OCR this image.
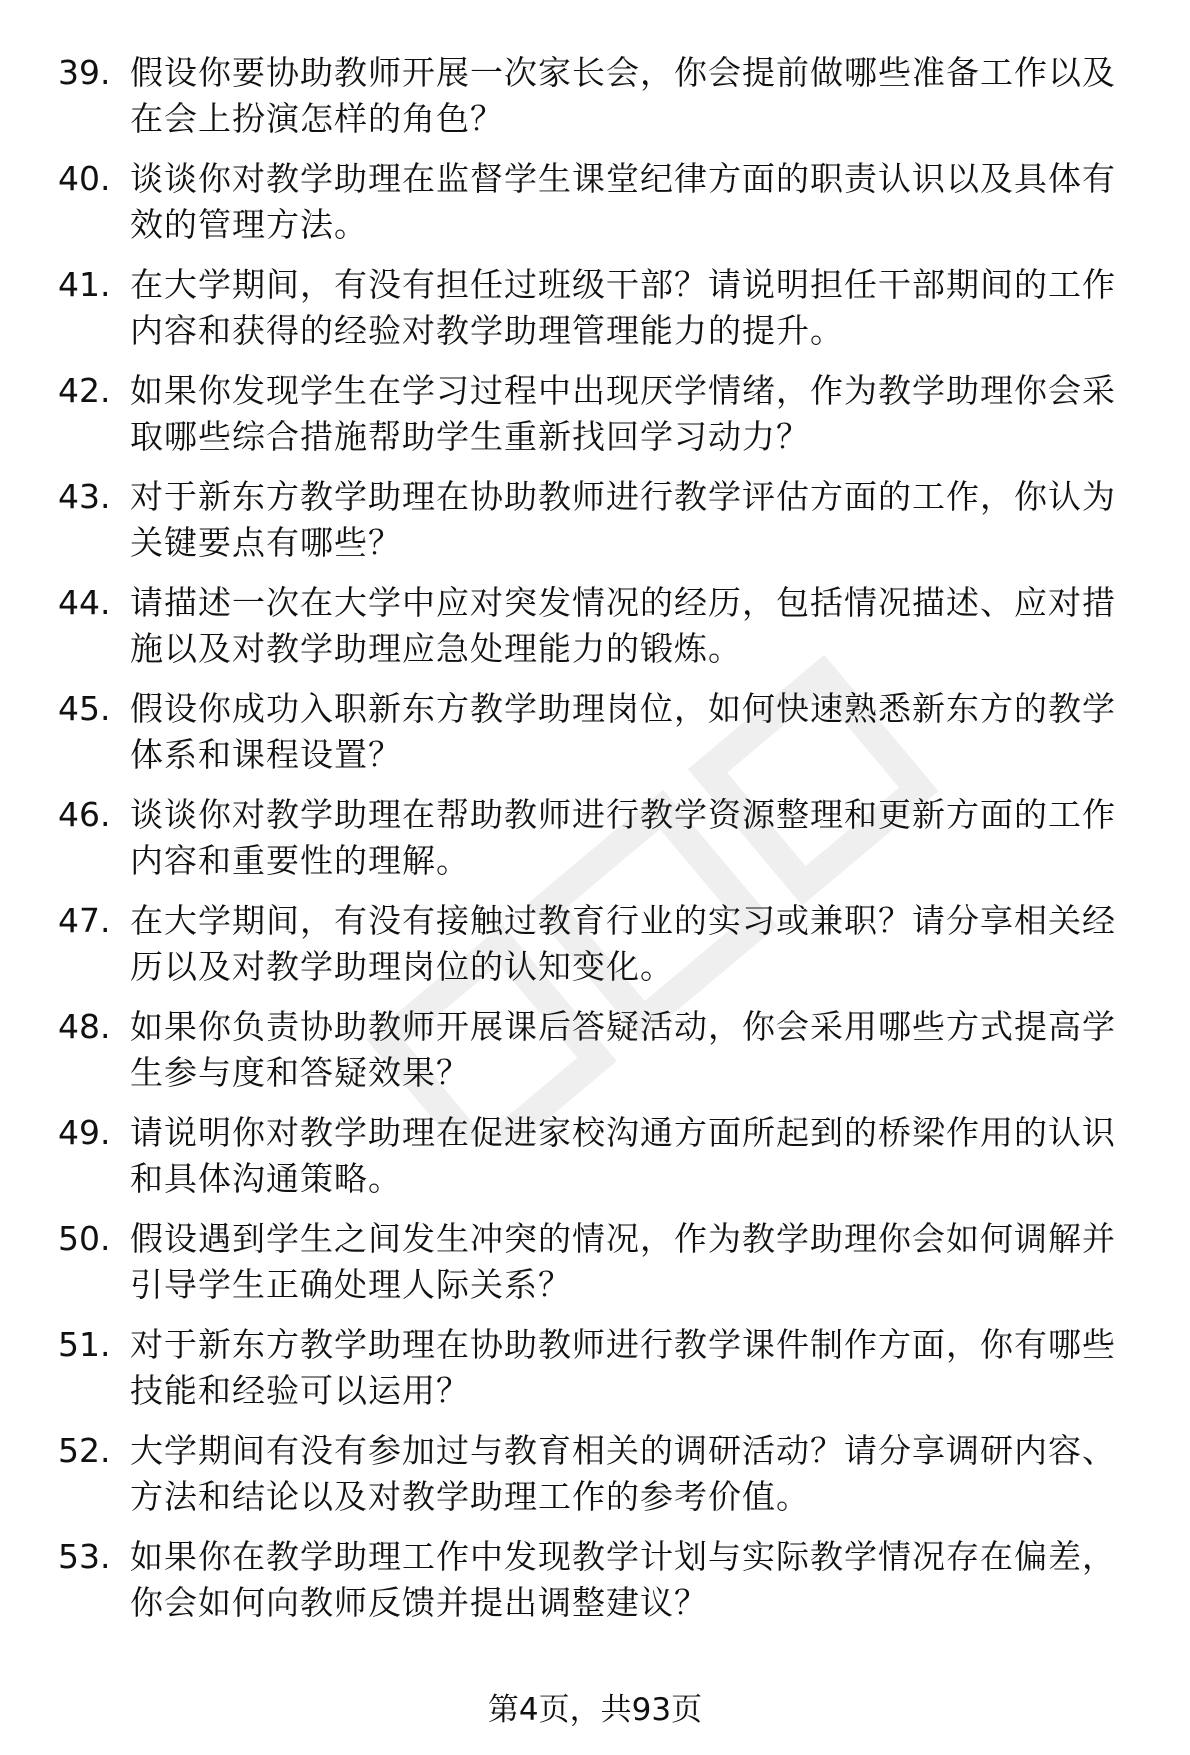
39. 假设你要协助教师开展一次家长会，你会提前做哪些准备工作以及在会上扮演怎样的角色？
40. 谈谈你对教学助理在监督学生课堂纪律方面的职责认识以及具体有效的管理方法。
41. 在大学期间，有没有担任过班级干部？请说明担任干部期间的工作内容和获得的经验对教学助理管理能力的提升。
42. 如果你发现学生在学习过程中出现厌学情绪，作为教学助理你会采取哪些综合措施帮助学生重新找回学习动力？
43. 对于新东方教学助理在协助教师进行教学评估方面的工作，你认为关键要点有哪些？
44. 请描述一次在大学中应对突发情况的经历，包括情况描述、应对措施以及对教学助理应急处理能力的锻炼。
45. 假设你成功入职新东方教学助理岗位，如何快速熟悉新东方的教学体系和课程设置？
46. 谈谈你对教学助理在帮助教师进行教学资源整理和更新方面的工作内容和重要性的理解。
47. 在大学期间，有没有接触过教育行业的实习或兼职？请分享相关经历以及对教学助理岗位的认知变化。
48. 如果你负责协助教师开展课后答疑活动，你会采用哪些方式提高学生参与度和答疑效果？
49. 请说明你对教学助理在促进家校沟通方面所起到的桥梁作用的认识和具体沟通策略。
50. 假设遇到学生之间发生冲突的情况，作为教学助理你会如何调解并引导学生正确处理人际关系？
51. 对于新东方教学助理在协助教师进行教学课件制作方面，你有哪些技能和经验可以运用？
52. 大学期间有没有参加过与教育相关的调研活动？请分享调研内容、方法和结论以及对教学助理工作的参考价值。
53. 如果你在教学助理工作中发现教学计划与实际教学情况存在偏差，你会如何向教师反馈并提出调整建议？
第4页，共93页
